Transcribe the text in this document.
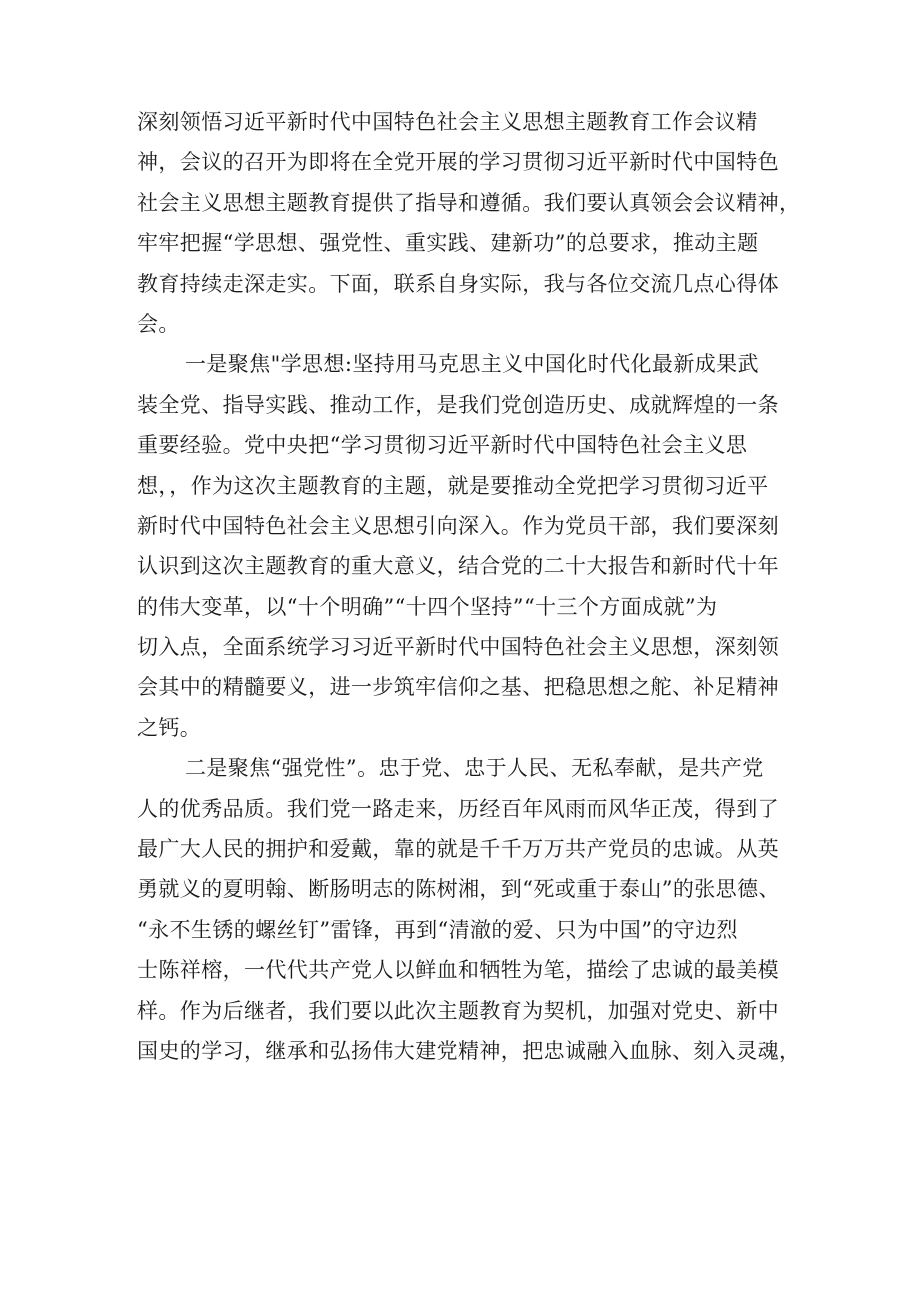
深刻领悟习近平新时代中国特色社会主义思想主题教育工作会议精
神，会议的召开为即将在全党开展的学习贯彻习近平新时代中国特色
社会主义思想主题教育提供了指导和遵循。我们要认真领会会议精神，
牢牢把握“学思想、强党性、重实践、建新功”的总要求，推动主题
教育持续走深走实。下面，联系自身实际，我与各位交流几点心得体
会。
一是聚焦"学思想:坚持用马克思主义中国化时代化最新成果武
装全党、指导实践、推动工作，是我们党创造历史、成就辉煌的一条
重要经验。党中央把“学习贯彻习近平新时代中国特色社会主义思
想，，作为这次主题教育的主题，就是要推动全党把学习贯彻习近平
新时代中国特色社会主义思想引向深入。作为党员干部，我们要深刻
认识到这次主题教育的重大意义，结合党的二十大报告和新时代十年
的伟大变革，以“十个明确”“十四个坚持”“十三个方面成就”为
切入点，全面系统学习习近平新时代中国特色社会主义思想，深刻领
会其中的精髓要义，进一步筑牢信仰之基、把稳思想之舵、补足精神
之钙。
二是聚焦“强党性”。忠于党、忠于人民、无私奉献，是共产党
人的优秀品质。我们党一路走来，历经百年风雨而风华正茂，得到了
最广大人民的拥护和爱戴，靠的就是千千万万共产党员的忠诚。从英
勇就义的夏明翰、断肠明志的陈树湘，到“死或重于泰山”的张思德、
“永不生锈的螺丝钉”雷锋，再到“清澈的爱、只为中国”的守边烈
士陈祥榕，一代代共产党人以鲜血和牺牲为笔，描绘了忠诚的最美模
样。作为后继者，我们要以此次主题教育为契机，加强对党史、新中
国史的学习，继承和弘扬伟大建党精神，把忠诚融入血脉、刻入灵魂，
